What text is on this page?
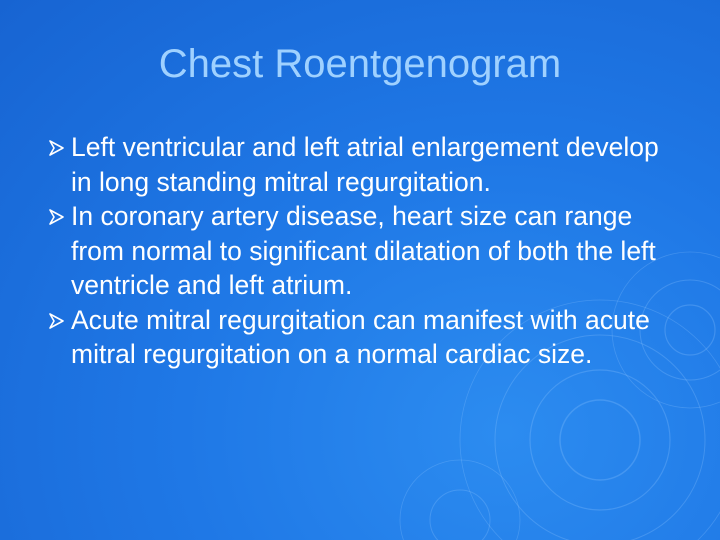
Chest Roentgenogram
Left ventricular and left atrial enlargement develop in long standing mitral regurgitation.
In coronary artery disease, heart size can range from normal to significant dilatation of both the left ventricle and left atrium.
Acute mitral regurgitation can manifest with acute mitral regurgitation on a normal cardiac size.
